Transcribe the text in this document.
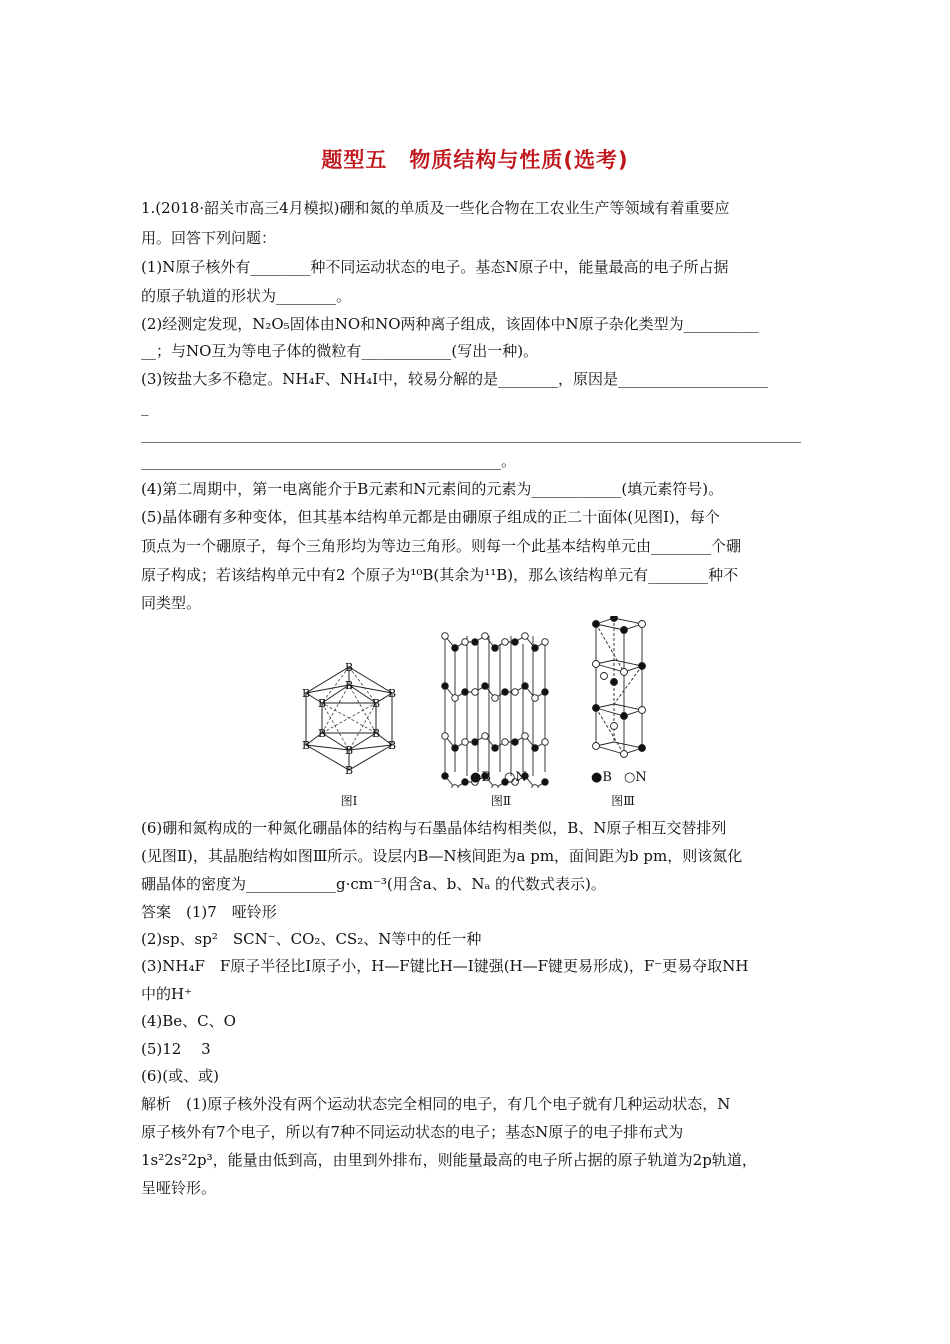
题型五　物质结构与性质(选考)
1.(2018·韶关市高三4月模拟)硼和氮的单质及一些化合物在工农业生产等领域有着重要应
用。回答下列问题：
(1)N原子核外有________种不同运动状态的电子。基态N原子中，能量最高的电子所占据
的原子轨道的形状为________。
(2)经测定发现，N₂O₅固体由NO和NO两种离子组成，该固体中N原子杂化类型为__________
__；与NO互为等电子体的微粒有____________(写出一种)。
(3)铵盐大多不稳定。NH₄F、NH₄I中，较易分解的是________，原因是____________________
_
________________________________________________________________________________________
________________________________________________。
(4)第二周期中，第一电离能介于B元素和N元素间的元素为____________(填元素符号)。
(5)晶体硼有多种变体，但其基本结构单元都是由硼原子组成的正二十面体(见图Ⅰ)，每个
顶点为一个硼原子，每个三角形均为等边三角形。则每一个此基本结构单元由________个硼
原子构成；若该结构单元中有2 个原子为¹⁰B(其余为¹¹B)，那么该结构单元有________种不
同类型。
B
B
B	B
B	B
B	B
B	B
B
B
图Ⅰ
●B ○N
图Ⅱ
●B ○N
图Ⅲ
(6)硼和氮构成的一种氮化硼晶体的结构与石墨晶体结构相类似，B、N原子相互交替排列
(见图Ⅱ)，其晶胞结构如图Ⅲ所示。设层内B—N核间距为a pm，面间距为b pm，则该氮化
硼晶体的密度为____________g·cm⁻³(用含a、b、Nₐ 的代数式表示)。
答案　(1)7　哑铃形
(2)sp、sp²　SCN⁻、CO₂、CS₂、N等中的任一种
(3)NH₄F　F原子半径比I原子小，H—F键比H—I键强(H—F键更易形成)，F⁻更易夺取NH
中的H⁺
(4)Be、C、O
(5)12　 3
(6)(或、或)
解析　(1)原子核外没有两个运动状态完全相同的电子，有几个电子就有几种运动状态，N
原子核外有7个电子，所以有7种不同运动状态的电子；基态N原子的电子排布式为
1s²2s²2p³，能量由低到高，由里到外排布，则能量最高的电子所占据的原子轨道为2p轨道，
呈哑铃形。
